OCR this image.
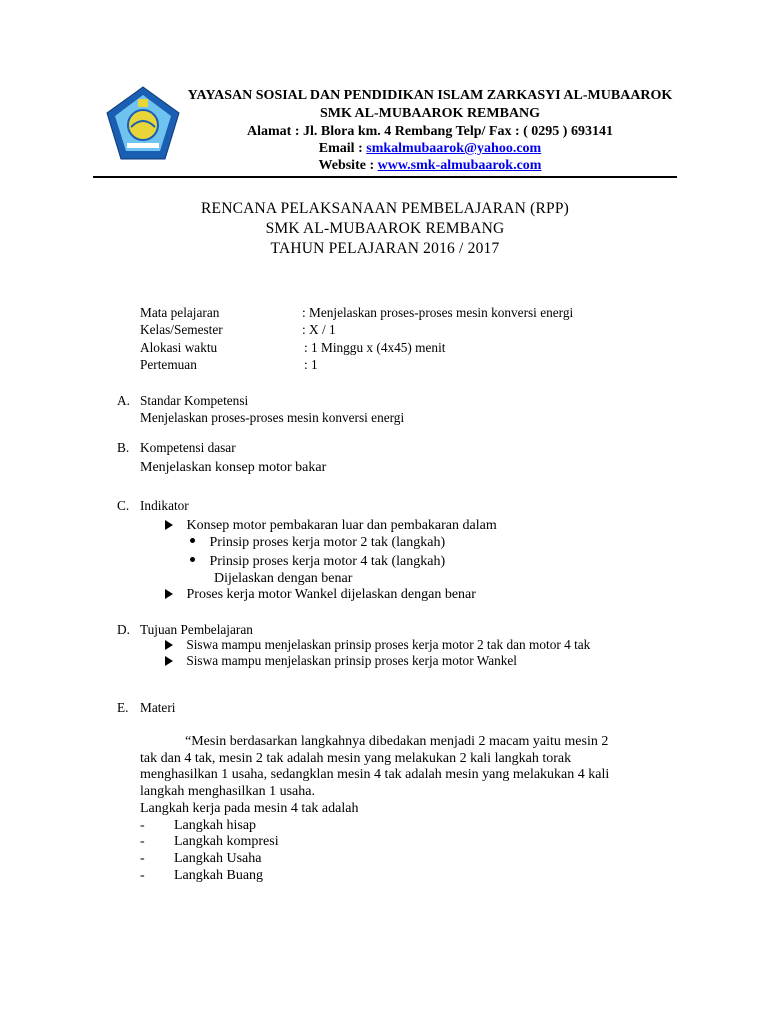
YAYASAN SOSIAL DAN PENDIDIKAN ISLAM ZARKASYI AL-MUBAAROK
SMK AL-MUBAAROK REMBANG
Alamat : Jl. Blora km. 4 Rembang Telp/ Fax : ( 0295 ) 693141
Email : smkalmubaarok@yahoo.com
Website : www.smk-almubaarok.com
RENCANA PELAKSANAAN PEMBELAJARAN (RPP)
SMK AL-MUBAAROK REMBANG
TAHUN PELAJARAN 2016 / 2017
Mata pelajaran	: Menjelaskan proses-proses mesin konversi energi
Kelas/Semester	: X / 1
Alokasi waktu	: 1 Minggu x (4x45) menit
Pertemuan	: 1
A. Standar Kompetensi
Menjelaskan proses-proses mesin konversi energi
B. Kompetensi dasar
Menjelaskan konsep motor bakar
C. Indikator
Konsep motor pembakaran luar dan pembakaran dalam
Prinsip proses kerja motor 2 tak (langkah)
Prinsip proses kerja motor 4 tak (langkah)
Dijelaskan dengan benar
Proses kerja motor Wankel dijelaskan dengan benar
D. Tujuan Pembelajaran
Siswa mampu menjelaskan prinsip proses kerja motor 2 tak dan motor 4 tak
Siswa mampu menjelaskan prinsip proses kerja motor Wankel
E. Materi
“Mesin berdasarkan langkahnya dibedakan menjadi 2 macam yaitu mesin 2
tak dan 4 tak, mesin 2 tak adalah mesin yang melakukan 2 kali langkah torak
menghasilkan 1 usaha, sedangklan mesin 4 tak adalah mesin yang melakukan 4 kali
langkah menghasilkan 1 usaha.
Langkah kerja pada mesin 4 tak adalah
- Langkah hisap
- Langkah kompresi
- Langkah Usaha
- Langkah Buang
